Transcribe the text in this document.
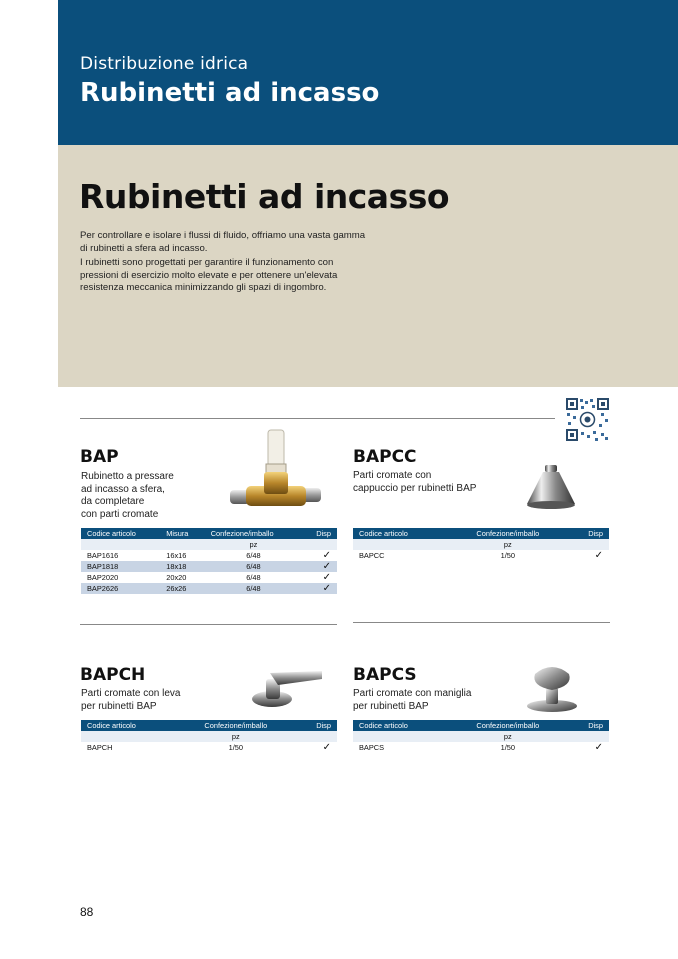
Distribuzione idrica
Rubinetti ad incasso
Rubinetti ad incasso
Per controllare e isolare i flussi di fluido, offriamo una vasta gamma di rubinetti a sfera ad incasso.
I rubinetti sono progettati per garantire il funzionamento con pressioni di esercizio molto elevate e per ottenere un'elevata resistenza meccanica minimizzando gli spazi di ingombro.
BAP
Rubinetto a pressare
ad incasso a sfera,
da completare
con parti cromate
Codice articolo	Misura	Confezione/imballo	Disp
		pz	
BAP1616	16x16	6/48	✓
BAP1818	18x18	6/48	✓
BAP2020	20x20	6/48	✓
BAP2626	26x26	6/48	✓
BAPCC
Parti cromate con
cappuccio per rubinetti BAP
Codice articolo	Confezione/imballo	Disp
	pz	
BAPCC	1/50	✓
BAPCH
Parti cromate con leva
per rubinetti BAP
Codice articolo	Confezione/imballo	Disp
	pz	
BAPCH	1/50	✓
BAPCS
Parti cromate con maniglia
per rubinetti BAP
Codice articolo	Confezione/imballo	Disp
	pz	
BAPCS	1/50	✓
88
